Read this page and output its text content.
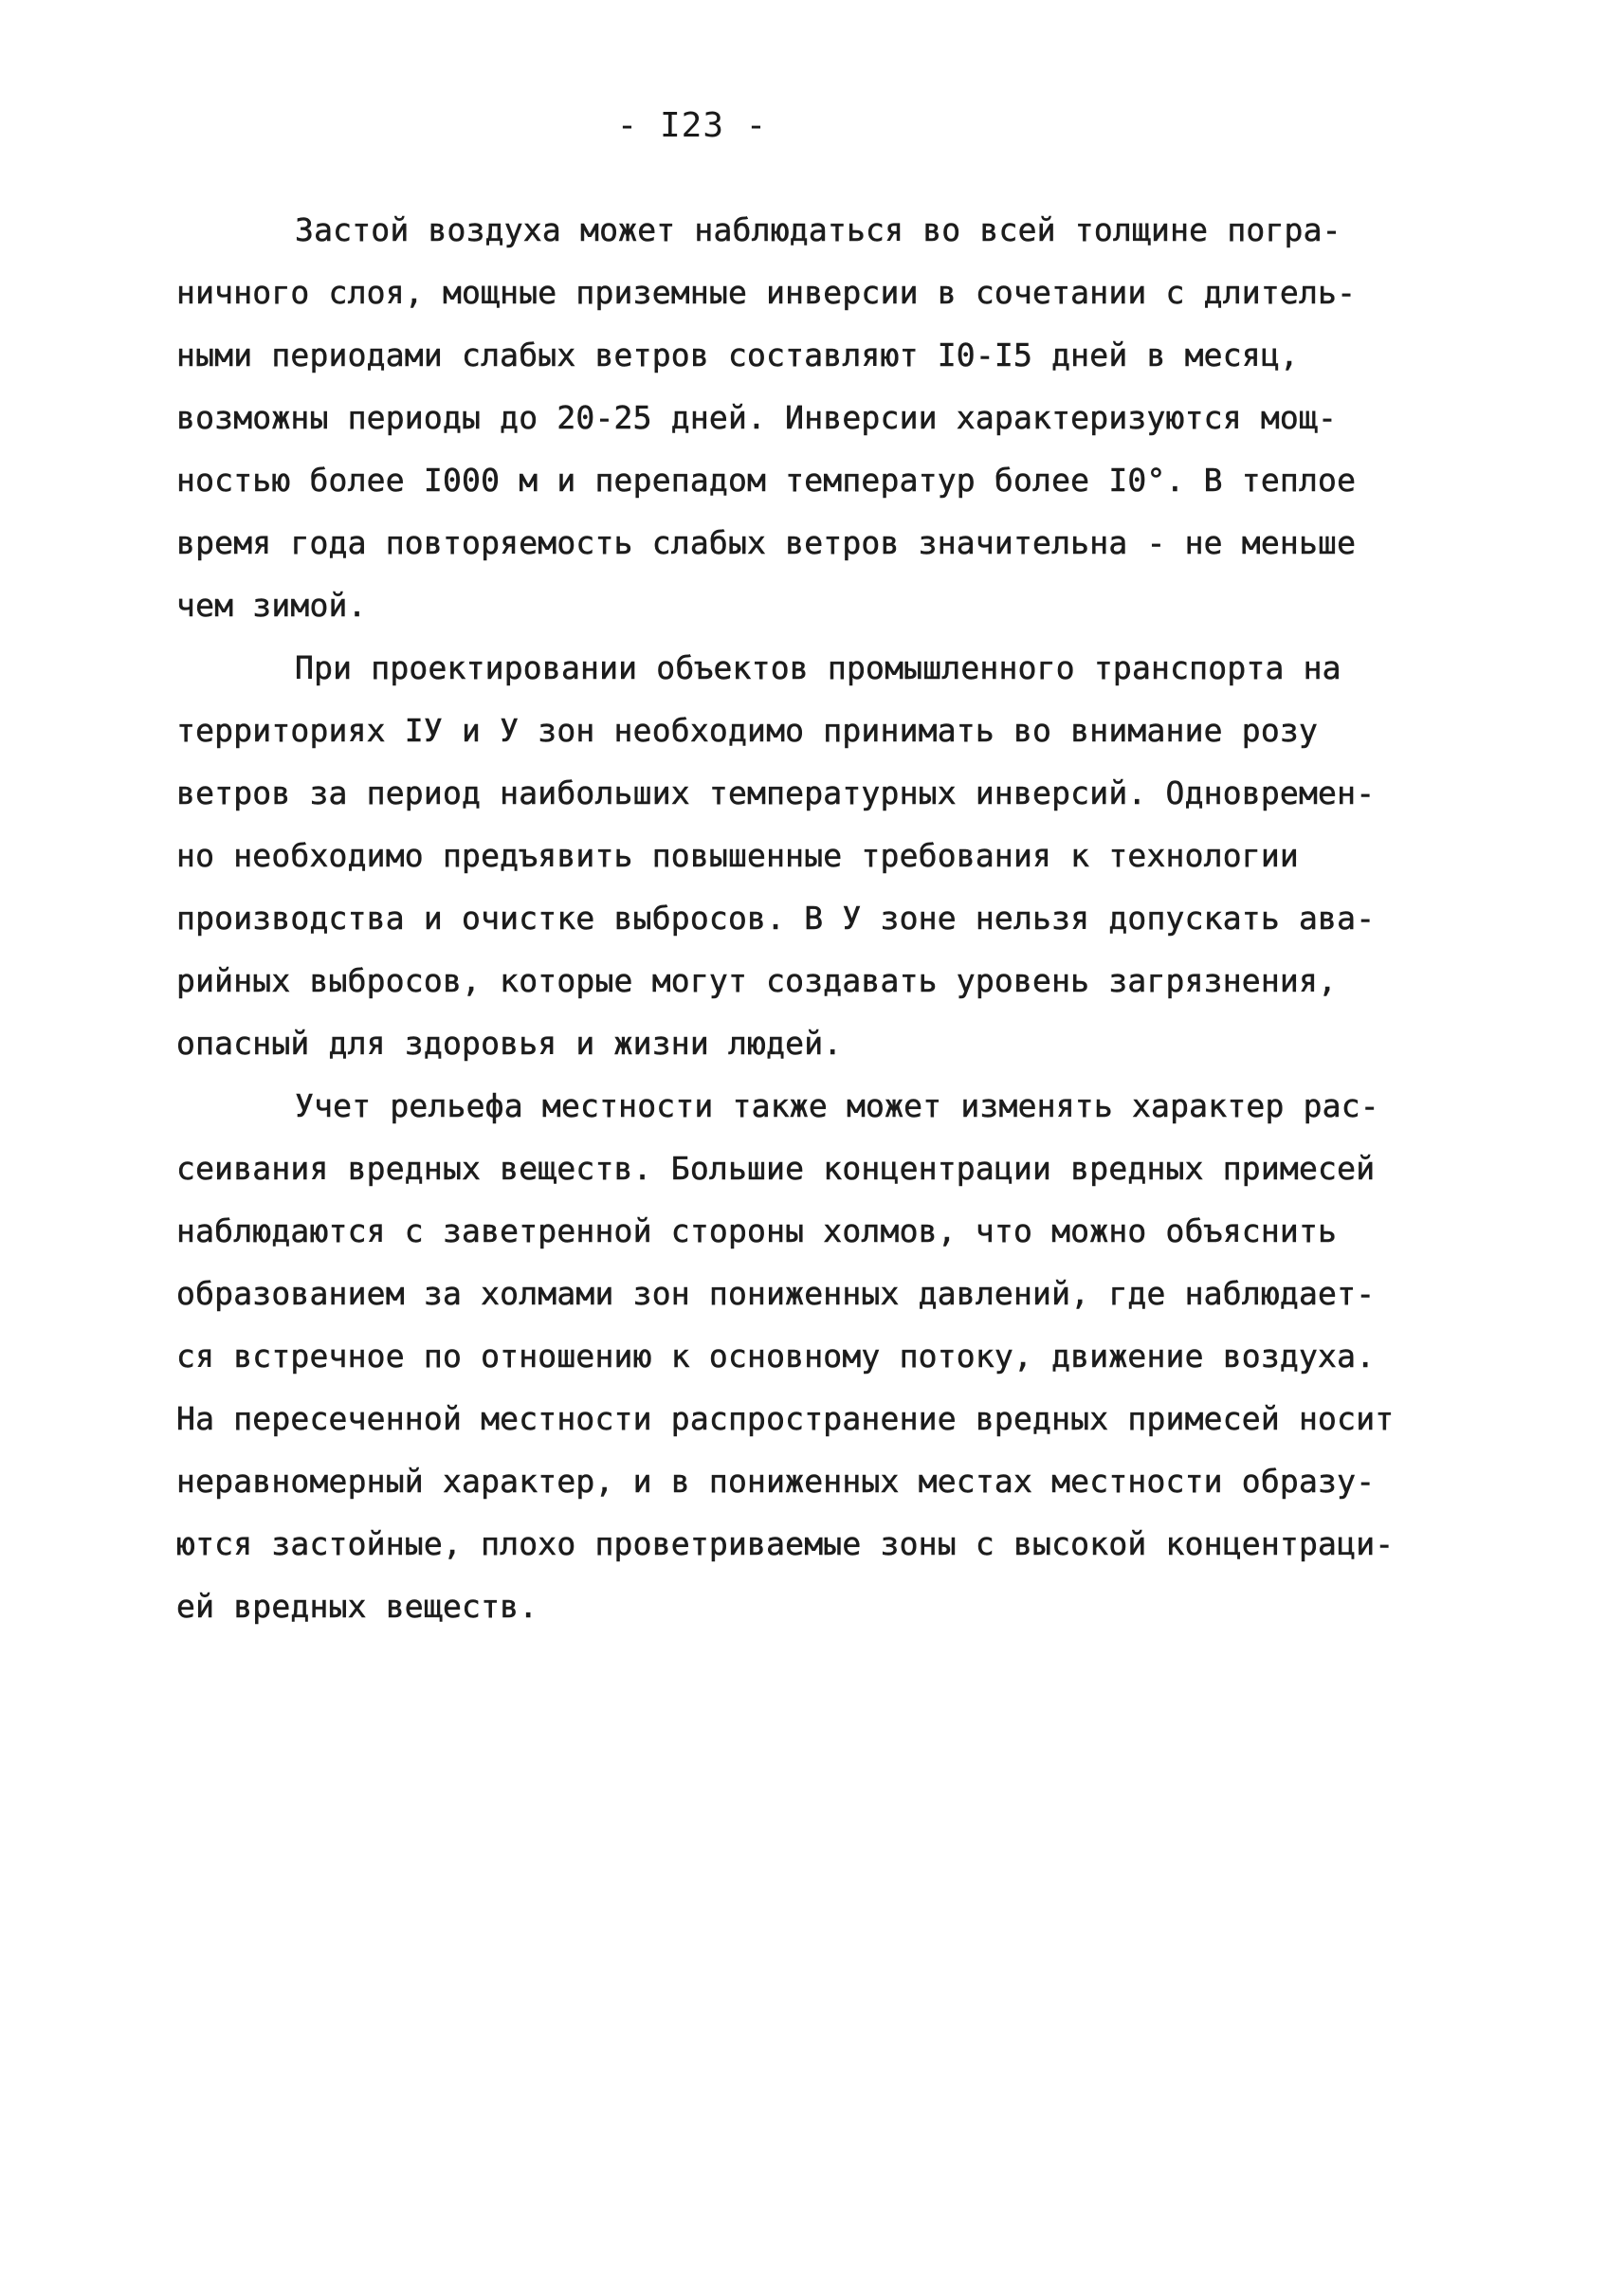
- I23 -
Застой воздуха может наблюдаться во всей толщине погра-
ничного слоя, мощные приземные инверсии в сочетании с длитель-
ными периодами слабых ветров составляют I0-I5 дней в месяц,
возможны периоды до 20-25 дней. Инверсии характеризуются мощ-
ностью более I000 м и перепадом температур более I0°. В теплое
время года повторяемость слабых ветров значительна - не меньше
чем зимой.
При проектировании объектов промышленного транспорта на
территориях IУ и У зон необходимо принимать во внимание розу
ветров за период наибольших температурных инверсий. Одновремен-
но необходимо предъявить повышенные требования к технологии
производства и очистке выбросов. В У зоне нельзя допускать ава-
рийных выбросов, которые могут создавать уровень загрязнения,
опасный для здоровья и жизни людей.
Учет рельефа местности также может изменять характер рас-
сеивания вредных веществ. Большие концентрации вредных примесей
наблюдаются с заветренной стороны холмов, что можно объяснить
образованием за холмами зон пониженных давлений, где наблюдает-
ся встречное по отношению к основному потоку, движение воздуха.
На пересеченной местности распространение вредных примесей носит
неравномерный характер, и в пониженных местах местности образу-
ются застойные, плохо проветриваемые зоны с высокой концентраци-
ей вредных веществ.
